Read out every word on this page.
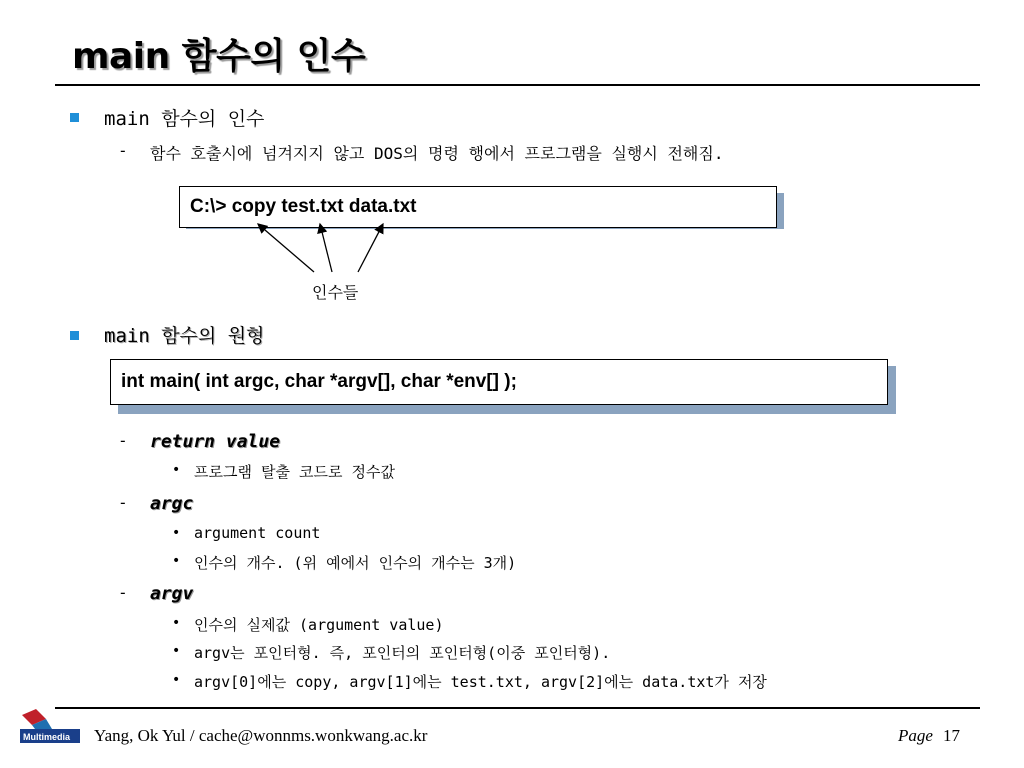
main 함수의 인수
main 함수의 인수
- 함수 호출시에 넘겨지지 않고 DOS의 명령 행에서 프로그램을 실행시 전해짐.
C:\> copy test.txt data.txt
인수들
main 함수의 원형
int main( int argc, char *argv[], char *env[] );
- return value
• 프로그램 탈출 코드로 정수값
- argc
• argument count
• 인수의 개수. (위 예에서 인수의 개수는 3개)
- argv
• 인수의 실제값 (argument value)
• argv는 포인터형. 즉, 포인터의 포인터형(이중 포인터형).
• argv[0]에는 copy, argv[1]에는 test.txt, argv[2]에는 data.txt가 저장
Multimedia Yang, Ok Yul / cache@wonnms.wonkwang.ac.kr	Page 17
